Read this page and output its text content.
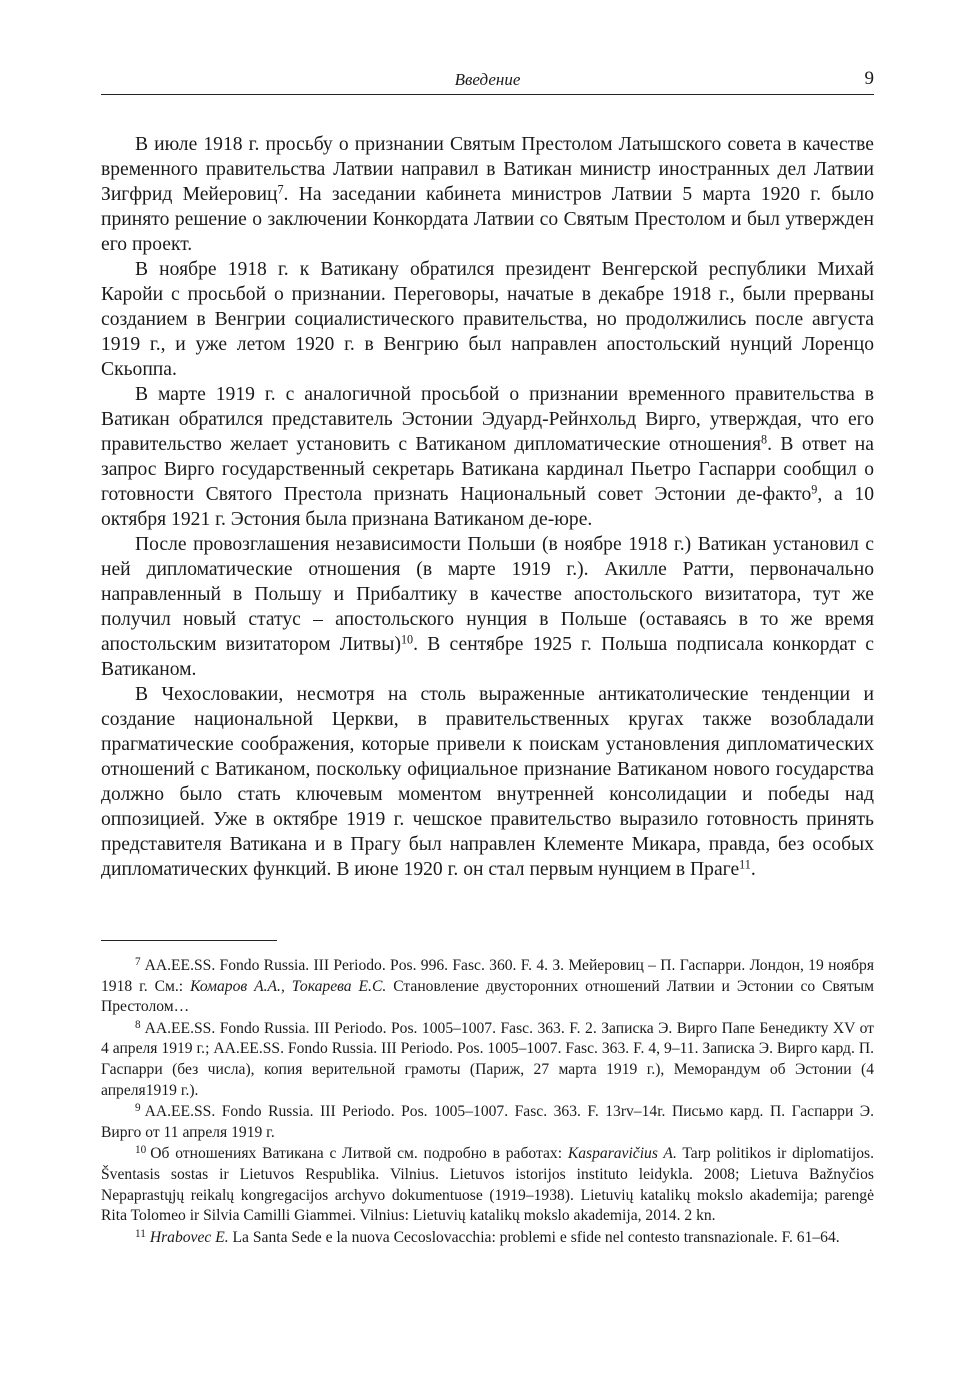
Введение	9

В июле 1918 г. просьбу о признании Святым Престолом Латышского совета в качестве временного правительства Латвии направил в Ватикан министр иностранных дел Латвии Зигфрид Мейеровиц$^7$. На заседании кабинета министров Латвии 5 марта 1920 г. было принято решение о заключении Конкордата Латвии со Святым Престолом и был утвержден его проект.

В ноябре 1918 г. к Ватикану обратился президент Венгерской республики Михай Каройи с просьбой о признании. Переговоры, начатые в декабре 1918 г., были прерваны созданием в Венгрии социалистического правительства, но продолжились после августа 1919 г., и уже летом 1920 г. в Венгрию был направлен апостольский нунций Лоренцо Скьоппа.

В марте 1919 г. с аналогичной просьбой о признании временного правительства в Ватикан обратился представитель Эстонии Эдуард-Рейнхольд Вирго, утверждая, что его правительство желает установить с Ватиканом дипломатические отношения$^8$. В ответ на запрос Вирго государственный секретарь Ватикана кардинал Пьетро Гаспарри сообщил о готовности Святого Престола признать Национальный совет Эстонии де-факто$^9$, а 10 октября 1921 г. Эстония была признана Ватиканом де-юре.

После провозглашения независимости Польши (в ноябре 1918 г.) Ватикан установил с ней дипломатические отношения (в марте 1919 г.). Акилле Ратти, первоначально направленный в Польшу и Прибалтику в качестве апостольского визитатора, тут же получил новый статус – апостольского нунция в Польше (оставаясь в то же время апостольским визитатором Литвы)$^{10}$. В сентябре 1925 г. Польша подписала конкордат с Ватиканом.

В Чехословакии, несмотря на столь выраженные антикатолические тенденции и создание национальной Церкви, в правительственных кругах также возобладали прагматические соображения, которые привели к поискам установления дипломатических отношений с Ватиканом, поскольку официальное признание Ватиканом нового государства должно было стать ключевым моментом внутренней консолидации и победы над оппозицией. Уже в октябре 1919 г. чешское правительство выразило готовность принять представителя Ватикана и в Прагу был направлен Клементе Микара, правда, без особых дипломатических функций. В июне 1920 г. он стал первым нунцием в Праге$^{11}$.

$^7$ AA.EE.SS. Fondo Russia. III Periodo. Pos. 996. Fasc. 360. F. 4. З. Мейеровиц – П. Гаспарри. Лондон, 19 ноября 1918 г. См.: Комаров А.А., Токарева Е.С. Становление двусторонних отношений Латвии и Эстонии со Святым Престолом…

$^8$ AA.EE.SS. Fondo Russia. III Periodo. Pos. 1005–1007. Fasc. 363. F. 2. Записка Э. Вирго Папе Бенедикту XV от 4 апреля 1919 г.; AA.EE.SS. Fondo Russia. III Periodo. Pos. 1005–1007. Fasc. 363. F. 4, 9–11. Записка Э. Вирго кард. П. Гаспарри (без числа), копия верительной грамоты (Париж, 27 марта 1919 г.), Меморандум об Эстонии (4 апреля1919 г.).

$^9$ AA.EE.SS. Fondo Russia. III Periodo. Pos. 1005–1007. Fasc. 363. F. 13rv–14r. Письмо кард. П. Гаспарри Э. Вирго от 11 апреля 1919 г.

$^{10}$ Об отношениях Ватикана с Литвой см. подробно в работах: Kasparavičius A. Tarp politikos ir diplomatijos. Šventasis sostas ir Lietuvos Respublika. Vilnius. Lietuvos istorijos instituto leidykla. 2008; Lietuva Bažnyčios Nepaprastųjų reikalų kongregacijos archyvo dokumentuose (1919–1938). Lietuvių katalikų mokslo akademija; parengė Rita Tolomeo ir Silvia Camilli Giammei. Vilnius: Lietuvių katalikų mokslo akademija, 2014. 2 kn.

$^{11}$ Hrabovec E. La Santa Sede e la nuova Cecoslovacchia: problemi e sfide nel contesto transnazionale. F. 61–64.
